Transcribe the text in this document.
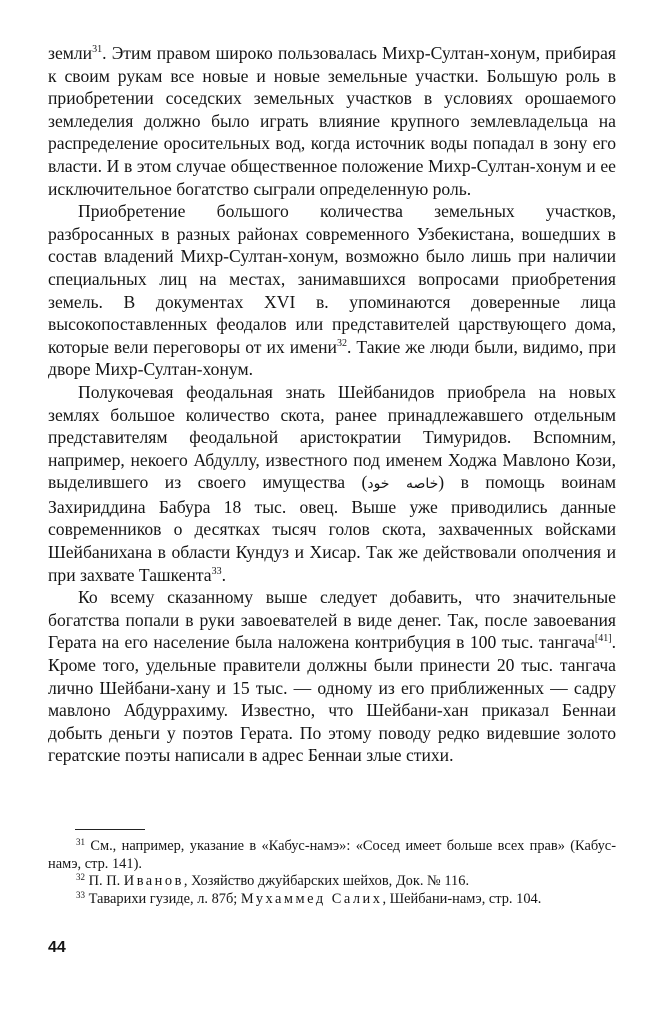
земли$^{31}$. Этим правом широко пользовалась Михр-Султан-хонум, прибирая к своим рукам все новые и новые земельные участки. Большую роль в приобретении соседских земельных участков в условиях орошаемого земледелия должно было играть влияние крупного землевладельца на распределение оросительных вод, когда источник воды попадал в зону его власти. И в этом случае общественное положение Михр-Султан-хонум и ее исключительное богатство сыграли определенную роль.

Приобретение большого количества земельных участков, разбросанных в разных районах современного Узбекистана, вошедших в состав владений Михр-Султан-хонум, возможно было лишь при наличии специальных лиц на местах, занимавшихся вопросами приобретения земель. В документах XVI в. упоминаются доверенные лица высокопоставленных феодалов или представителей царствующего дома, которые вели переговоры от их имени$^{32}$. Такие же люди были, видимо, при дворе Михр-Султан-хонум.

Полукочевая феодальная знать Шейбанидов приобрела на новых землях большое количество скота, ранее принадлежавшего отдельным представителям феодальной аристократии Тимуридов. Вспомним, например, некоего Абдуллу, известного под именем Ходжа Мавлоно Кози, выделившего из своего имущества (خاصه خود) в помощь воинам Захириддина Бабура 18 тыс. овец. Выше уже приводились данные современников о десятках тысяч голов скота, захваченных войсками Шейбанихана в области Кундуз и Хисар. Так же действовали ополчения и при захвате Ташкента$^{33}$.

Ко всему сказанному выше следует добавить, что значительные богатства попали в руки завоевателей в виде денег. Так, после завоевания Герата на его население была наложена контрибуция в 100 тыс. тангача[41]. Кроме того, удельные правители должны были принести 20 тыс. тангача лично Шейбани-хану и 15 тыс. — одному из его приближенных — садру мавлоно Абдуррахиму. Известно, что Шейбани-хан приказал Беннаи добыть деньги у поэтов Герата. По этому поводу редко видевшие золото гератские поэты написали в адрес Беннаи злые стихи.

$^{31}$ См., например, указание в «Кабус-намэ»: «Сосед имеет больше всех прав» (Кабус-намэ, стр. 141).

$^{32}$ П. П. Иванов, Хозяйство джуйбарских шейхов, Док. № 116.

$^{33}$ Таварихи гузиде, л. 87б; Мухаммед Салих, Шейбани-намэ, стр. 104.

44
